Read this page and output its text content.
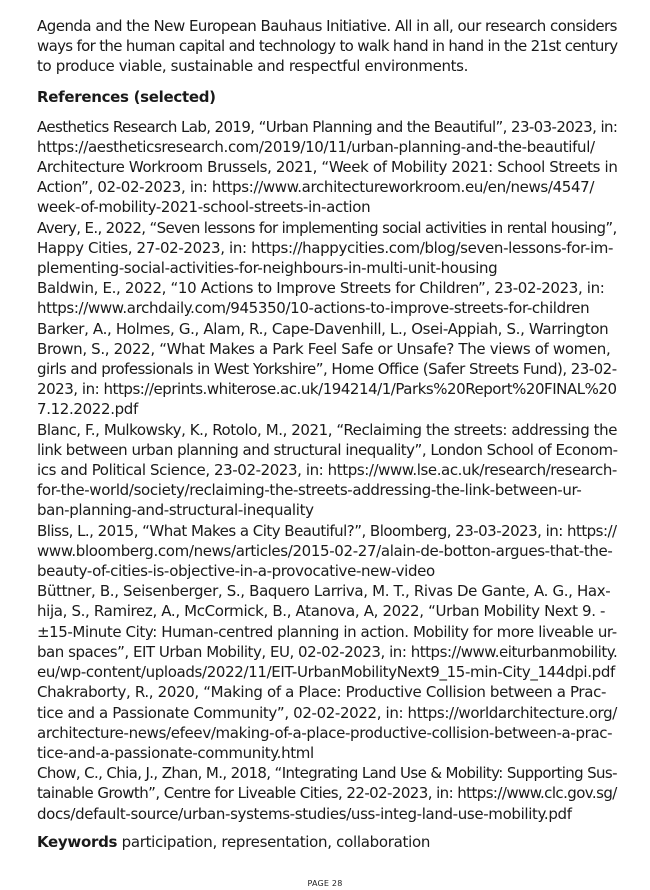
Agenda and the New European Bauhaus Initiative. All in all, our research considers
ways for the human capital and technology to walk hand in hand in the 21st century
to produce viable, sustainable and respectful environments.
References (selected)
Aesthetics Research Lab, 2019, “Urban Planning and the Beautiful”, 23-03-2023, in:
https://aestheticsresearch.com/2019/10/11/urban-planning-and-the-beautiful/
Architecture Workroom Brussels, 2021, “Week of Mobility 2021: School Streets in
Action”, 02-02-2023, in: https://www.architectureworkroom.eu/en/news/4547/
week-of-mobility-2021-school-streets-in-action
Avery, E., 2022, “Seven lessons for implementing social activities in rental housing”,
Happy Cities, 27-02-2023, in: https://happycities.com/blog/seven-lessons-for-im-
plementing-social-activities-for-neighbours-in-multi-unit-housing
Baldwin, E., 2022, “10 Actions to Improve Streets for Children”, 23-02-2023, in:
https://www.archdaily.com/945350/10-actions-to-improve-streets-for-children
Barker, A., Holmes, G., Alam, R., Cape-Davenhill, L., Osei-Appiah, S., Warrington
Brown, S., 2022, “What Makes a Park Feel Safe or Unsafe? The views of women,
girls and professionals in West Yorkshire”, Home Office (Safer Streets Fund), 23-02-
2023, in: https://eprints.whiterose.ac.uk/194214/1/Parks%20Report%20FINAL%20
7.12.2022.pdf
Blanc, F., Mulkowsky, K., Rotolo, M., 2021, “Reclaiming the streets: addressing the
link between urban planning and structural inequality”, London School of Econom-
ics and Political Science, 23-02-2023, in: https://www.lse.ac.uk/research/research-
for-the-world/society/reclaiming-the-streets-addressing-the-link-between-ur-
ban-planning-and-structural-inequality
Bliss, L., 2015, “What Makes a City Beautiful?”, Bloomberg, 23-03-2023, in: https://
www.bloomberg.com/news/articles/2015-02-27/alain-de-botton-argues-that-the-
beauty-of-cities-is-objective-in-a-provocative-new-video
Büttner, B., Seisenberger, S., Baquero Larriva, M. T., Rivas De Gante, A. G., Hax-
hija, S., Ramirez, A., McCormick, B., Atanova, A, 2022, “Urban Mobility Next 9. -
±15-Minute City: Human-centred planning in action. Mobility for more liveable ur-
ban spaces”, EIT Urban Mobility, EU, 02-02-2023, in: https://www.eiturbanmobility.
eu/wp-content/uploads/2022/11/EIT-UrbanMobilityNext9_15-min-City_144dpi.pdf
Chakraborty, R., 2020, “Making of a Place: Productive Collision between a Prac-
tice and a Passionate Community”, 02-02-2022, in: https://worldarchitecture.org/
architecture-news/efeev/making-of-a-place-productive-collision-between-a-prac-
tice-and-a-passionate-community.html
Chow, C., Chia, J., Zhan, M., 2018, “Integrating Land Use & Mobility: Supporting Sus-
tainable Growth”, Centre for Liveable Cities, 22-02-2023, in: https://www.clc.gov.sg/
docs/default-source/urban-systems-studies/uss-integ-land-use-mobility.pdf
Keywords participation, representation, collaboration
PAGE 28
